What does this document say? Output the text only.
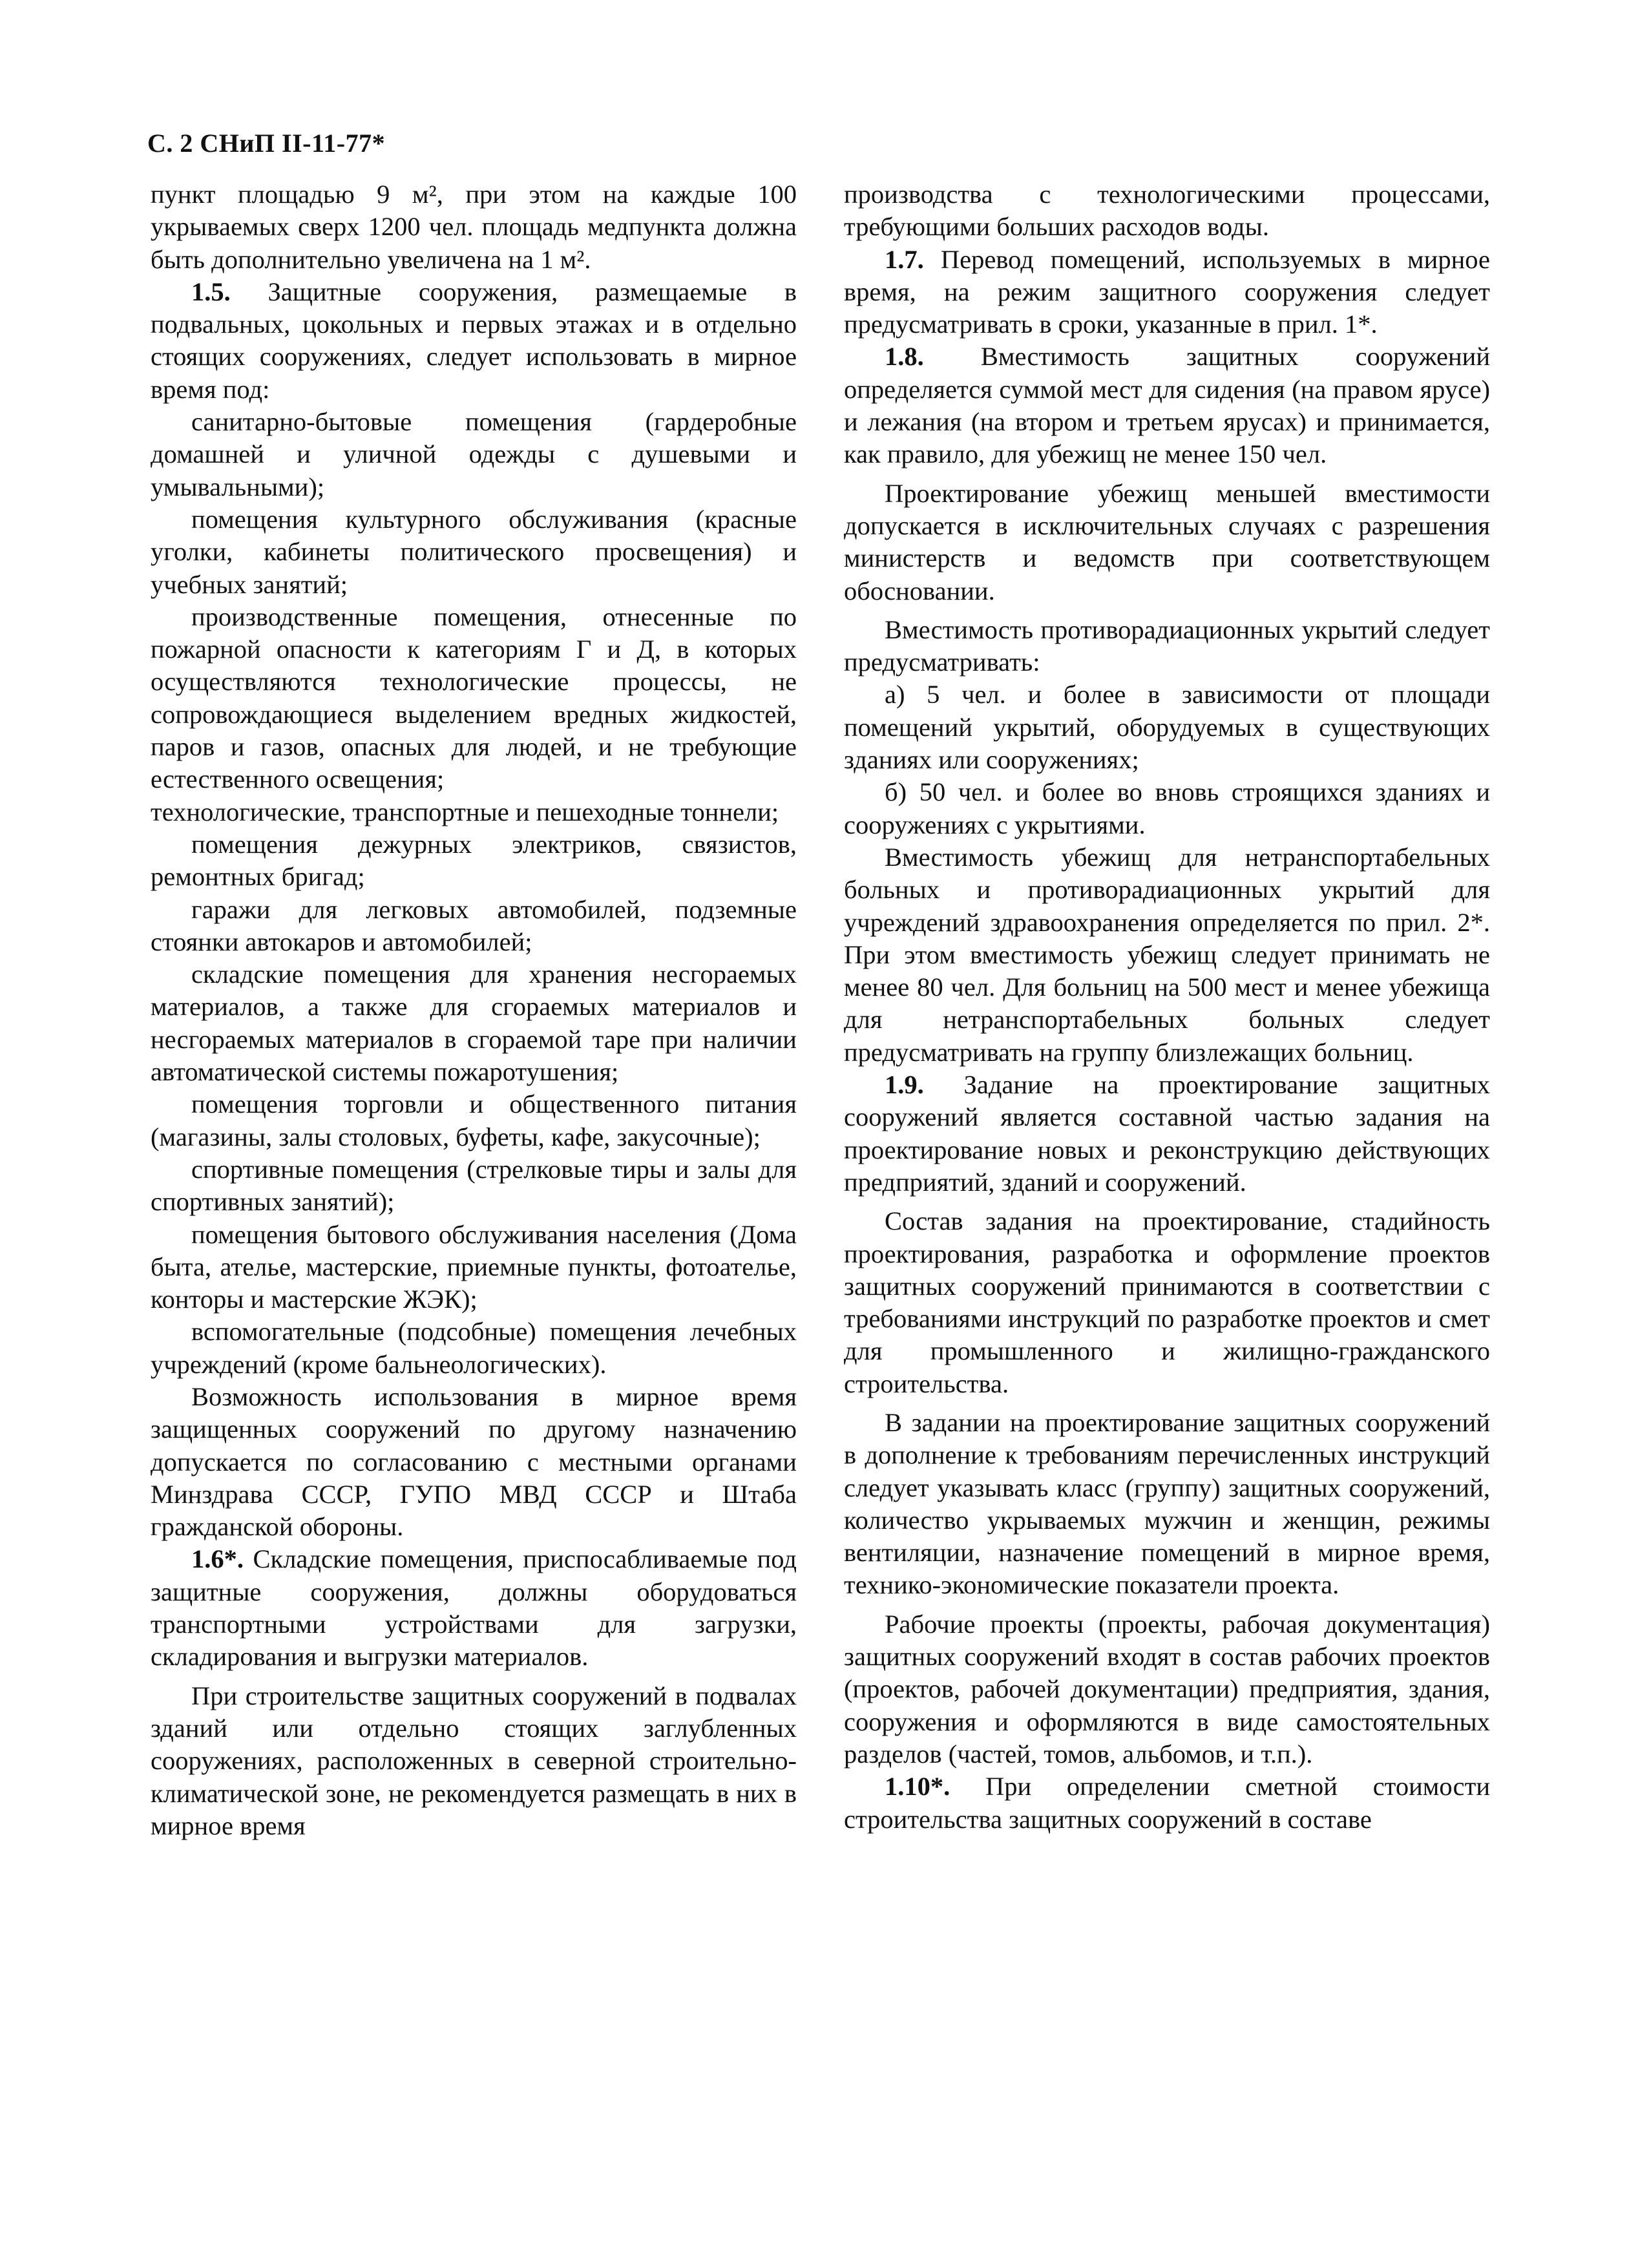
С. 2 СНиП II-11-77*

пункт площадью 9 м², при этом на каждые 100 укрываемых сверх 1200 чел. площадь медпункта должна быть дополнительно увеличена на 1 м².

1.5. Защитные сооружения, размещаемые в подвальных, цокольных и первых этажах и в отдельно стоящих сооружениях, следует использовать в мирное время под:

санитарно-бытовые помещения (гардеробные домашней и уличной одежды с душевыми и умывальными);

помещения культурного обслуживания (красные уголки, кабинеты политического просвещения) и учебных занятий;

производственные помещения, отнесенные по пожарной опасности к категориям Г и Д, в которых осуществляются технологические процессы, не сопровождающиеся выделением вредных жидкостей, паров и газов, опасных для людей, и не требующие естественного освещения;

технологические, транспортные и пешеходные тоннели;

помещения дежурных электриков, связистов, ремонтных бригад;

гаражи для легковых автомобилей, подземные стоянки автокаров и автомобилей;

складские помещения для хранения несгораемых материалов, а также для сгораемых материалов и несгораемых материалов в сгораемой таре при наличии автоматической системы пожаротушения;

помещения торговли и общественного питания (магазины, залы столовых, буфеты, кафе, закусочные);

спортивные помещения (стрелковые тиры и залы для спортивных занятий);

помещения бытового обслуживания населения (Дома быта, ателье, мастерские, приемные пункты, фотоателье, конторы и мастерские ЖЭК);

вспомогательные (подсобные) помещения лечебных учреждений (кроме бальнеологических).

Возможность использования в мирное время защищенных сооружений по другому назначению допускается по согласованию с местными органами Минздрава СССР, ГУПО МВД СССР и Штаба гражданской обороны.

1.6*. Складские помещения, приспосабливаемые под защитные сооружения, должны оборудоваться транспортными устройствами для загрузки, складирования и выгрузки материалов.

При строительстве защитных сооружений в подвалах зданий или отдельно стоящих заглубленных сооружениях, расположенных в северной строительно-климатической зоне, не рекомендуется размещать в них в мирное время

производства с технологическими процессами, требующими больших расходов воды.

1.7. Перевод помещений, используемых в мирное время, на режим защитного сооружения следует предусматривать в сроки, указанные в прил. 1*.

1.8. Вместимость защитных сооружений определяется суммой мест для сидения (на правом ярусе) и лежания (на втором и третьем ярусах) и принимается, как правило, для убежищ не менее 150 чел.

Проектирование убежищ меньшей вместимости допускается в исключительных случаях с разрешения министерств и ведомств при соответствующем обосновании.

Вместимость противорадиационных укрытий следует предусматривать:

а) 5 чел. и более в зависимости от площади помещений укрытий, оборудуемых в существующих зданиях или сооружениях;

б) 50 чел. и более во вновь строящихся зданиях и сооружениях с укрытиями.

Вместимость убежищ для нетранспортабельных больных и противорадиационных укрытий для учреждений здравоохранения определяется по прил. 2*. При этом вместимость убежищ следует принимать не менее 80 чел. Для больниц на 500 мест и менее убежища для нетранспортабельных больных следует предусматривать на группу близлежащих больниц.

1.9. Задание на проектирование защитных сооружений является составной частью задания на проектирование новых и реконструкцию действующих предприятий, зданий и сооружений.

Состав задания на проектирование, стадийность проектирования, разработка и оформление проектов защитных сооружений принимаются в соответствии с требованиями инструкций по разработке проектов и смет для промышленного и жилищно-гражданского строительства.

В задании на проектирование защитных сооружений в дополнение к требованиям перечисленных инструкций следует указывать класс (группу) защитных сооружений, количество укрываемых мужчин и женщин, режимы вентиляции, назначение помещений в мирное время, технико-экономические показатели проекта.

Рабочие проекты (проекты, рабочая документация) защитных сооружений входят в состав рабочих проектов (проектов, рабочей документации) предприятия, здания, сооружения и оформляются в виде самостоятельных разделов (частей, томов, альбомов, и т.п.).

1.10*. При определении сметной стоимости строительства защитных сооружений в составе
